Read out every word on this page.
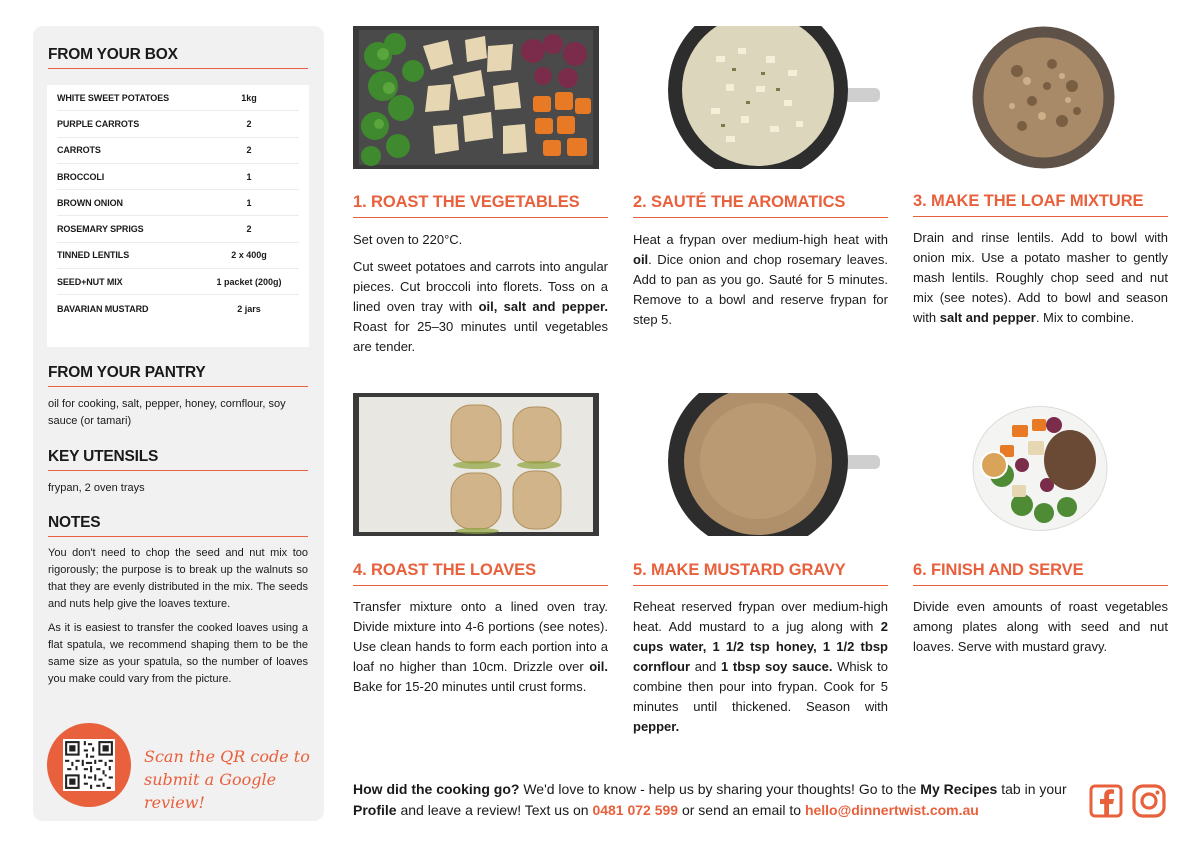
FROM YOUR BOX
WHITE SWEET POTATOES	1kg
PURPLE CARROTS	2
CARROTS	2
BROCCOLI	1
BROWN ONION	1
ROSEMARY SPRIGS	2
TINNED LENTILS	2 x 400g
SEED+NUT MIX	1 packet (200g)
BAVARIAN MUSTARD	2 jars
FROM YOUR PANTRY
oil for cooking, salt, pepper, honey, cornflour, soy sauce (or tamari)
KEY UTENSILS
frypan, 2 oven trays
NOTES

You don't need to chop the seed and nut mix too rigorously; the purpose is to break up the walnuts so that they are evenly distributed in the mix. The seeds and nuts help give the loaves texture.

As it is easiest to transfer the cooked loaves using a flat spatula, we recommend shaping them to be the same size as your spatula, so the number of loaves you make could vary from the picture.

Scan the QR code to
submit a Google review!
1. ROAST THE VEGETABLES

Set oven to 220°C.

Cut sweet potatoes and carrots into angular pieces. Cut broccoli into florets. Toss on a lined oven tray with oil, salt and pepper. Roast for 25–30 minutes until vegetables are tender.

2. SAUTÉ THE AROMATICS

Heat a frypan over medium-high heat with oil. Dice onion and chop rosemary leaves. Add to pan as you go. Sauté for 5 minutes. Remove to a bowl and reserve frypan for step 5.

3. MAKE THE LOAF MIXTURE

Drain and rinse lentils. Add to bowl with onion mix. Use a potato masher to gently mash lentils. Roughly chop seed and nut mix (see notes). Add to bowl and season with salt and pepper. Mix to combine.

4. ROAST THE LOAVES

Transfer mixture onto a lined oven tray. Divide mixture into 4-6 portions (see notes). Use clean hands to form each portion into a loaf no higher than 10cm. Drizzle over oil. Bake for 15-20 minutes until crust forms.

5. MAKE MUSTARD GRAVY

Reheat reserved frypan over medium-high heat. Add mustard to a jug along with 2 cups water, 1 1/2 tsp honey, 1 1/2 tbsp cornflour and 1 tbsp soy sauce. Whisk to combine then pour into frypan. Cook for 5 minutes until thickened. Season with pepper.

6. FINISH AND SERVE

Divide even amounts of roast vegetables among plates along with seed and nut loaves. Serve with mustard gravy.

How did the cooking go? We'd love to know - help us by sharing your thoughts! Go to the My Recipes tab in your Profile and leave a review! Text us on 0481 072 599 or send an email to hello@dinnertwist.com.au
